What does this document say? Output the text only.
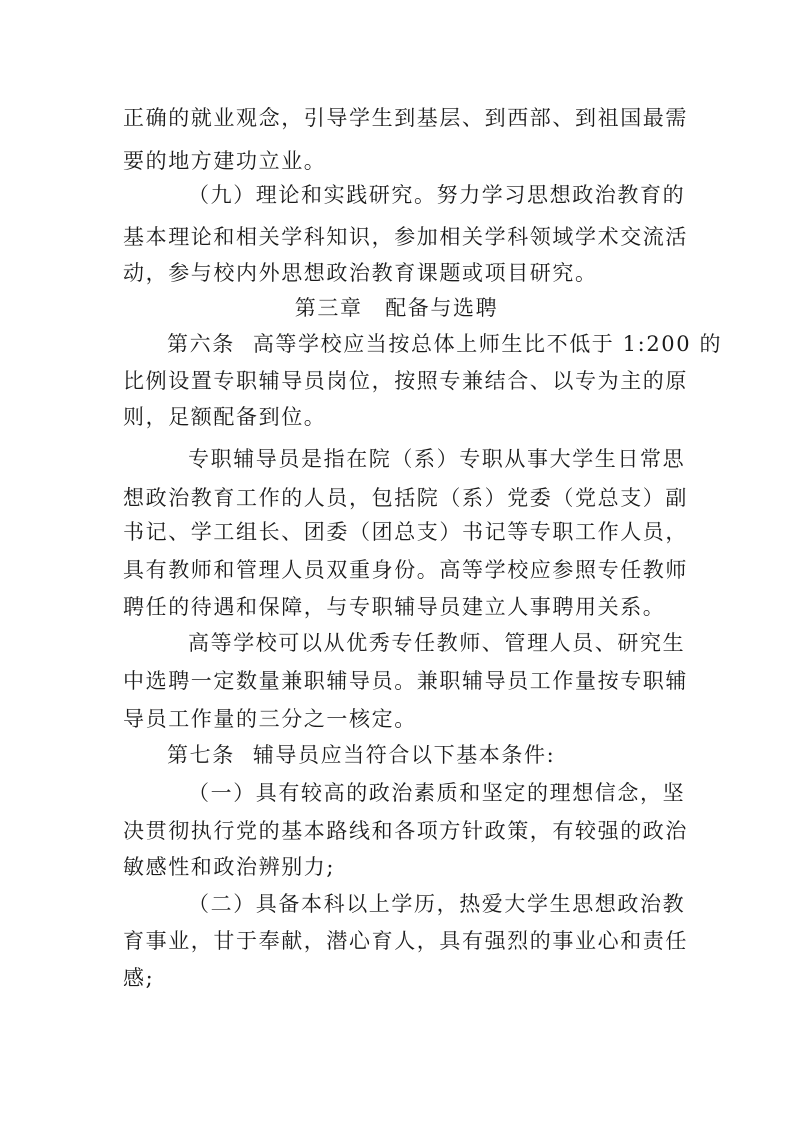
正确的就业观念，引导学生到基层、到西部、到祖国最需
要的地方建功立业。
（九）理论和实践研究。努力学习思想政治教育的
基本理论和相关学科知识，参加相关学科领域学术交流活
动，参与校内外思想政治教育课题或项目研究。
第三章　配备与选聘
第六条 高等学校应当按总体上师生比不低于 1:200 的
比例设置专职辅导员岗位，按照专兼结合、以专为主的原
则，足额配备到位。
专职辅导员是指在院（系）专职从事大学生日常思
想政治教育工作的人员，包括院（系）党委（党总支）副
书记、学工组长、团委（团总支）书记等专职工作人员，
具有教师和管理人员双重身份。高等学校应参照专任教师
聘任的待遇和保障，与专职辅导员建立人事聘用关系。
高等学校可以从优秀专任教师、管理人员、研究生
中选聘一定数量兼职辅导员。兼职辅导员工作量按专职辅
导员工作量的三分之一核定。
第七条 辅导员应当符合以下基本条件:
（一）具有较高的政治素质和坚定的理想信念，坚
决贯彻执行党的基本路线和各项方针政策，有较强的政治
敏感性和政治辨别力;
（二）具备本科以上学历，热爱大学生思想政治教
育事业，甘于奉献，潜心育人，具有强烈的事业心和责任
感;
